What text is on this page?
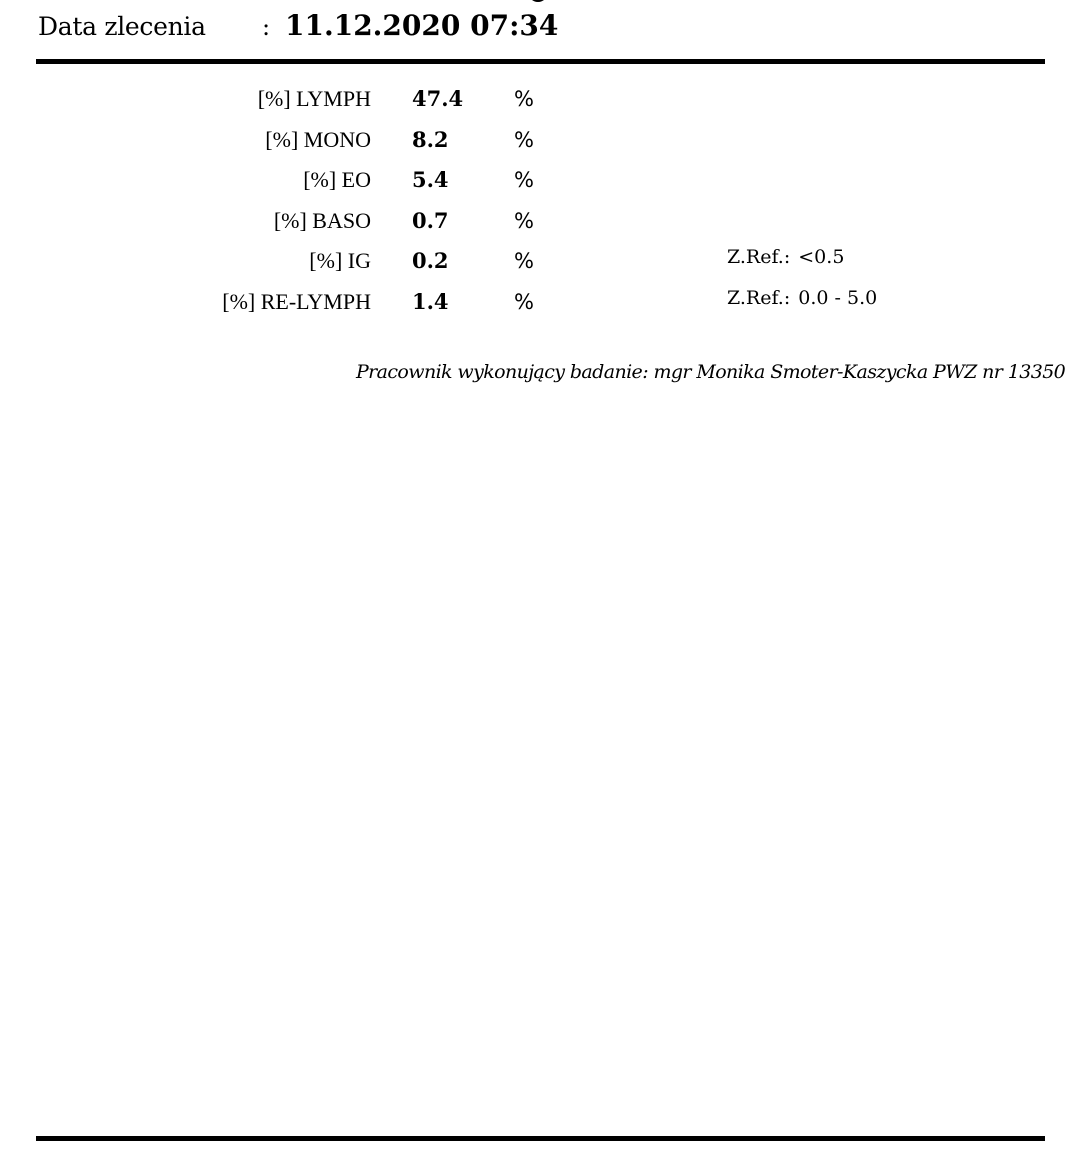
Data zlecenia : 11.12.2020 07:34
[%] LYMPH 47.4 %
[%] MONO 8.2	%
[%] EO 5.4	%
[%] BASO 0.7	%
[%] IG 0.2	%	Z.Ref.: <0.5
[%] RE-LYMPH 1.4	%	Z.Ref.: 0.0 - 5.0
Pracownik wykonujący badanie: mgr Monika Smoter-Kaszycka PWZ nr 13350
